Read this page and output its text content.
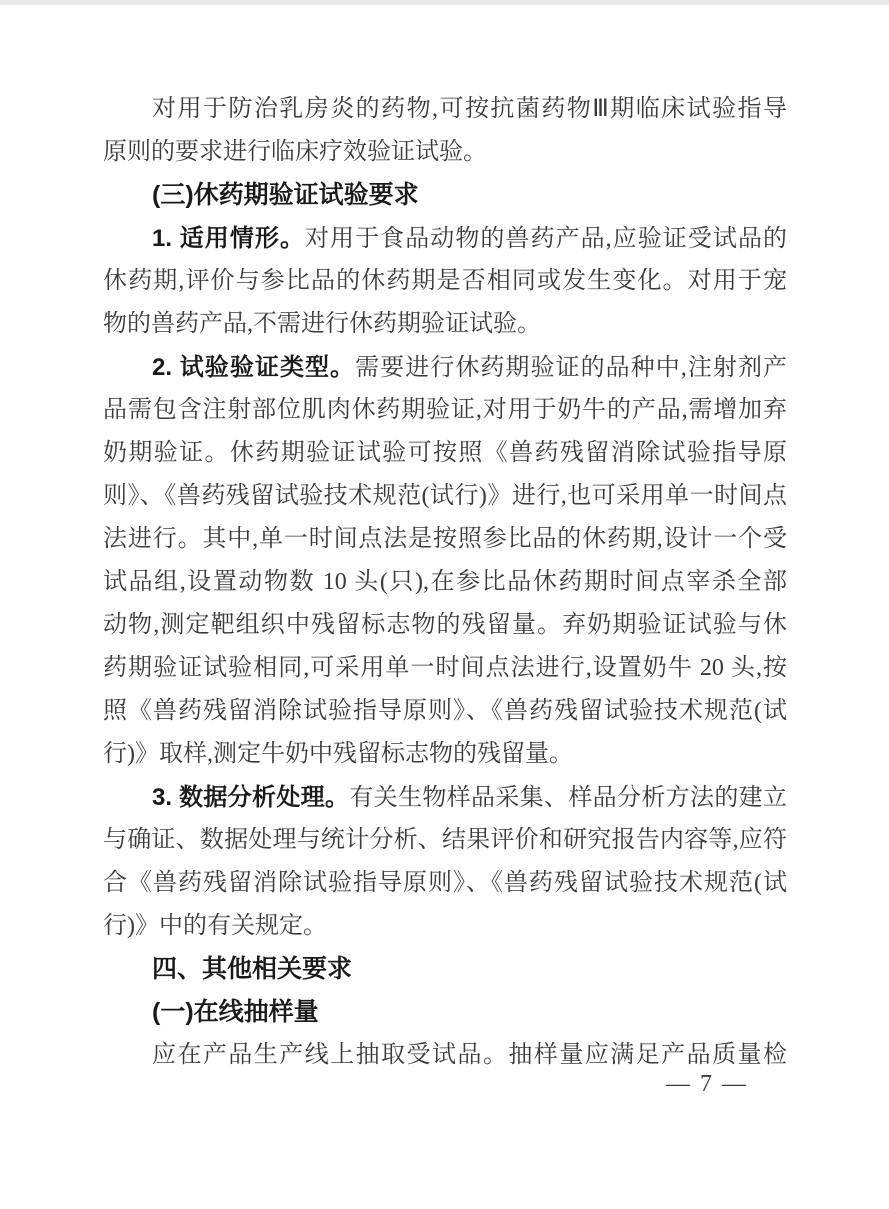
对用于防治乳房炎的药物,可按抗菌药物Ⅲ期临床试验指导
原则的要求进行临床疗效验证试验。
(三)休药期验证试验要求
1. 适用情形。对用于食品动物的兽药产品,应验证受试品的
休药期,评价与参比品的休药期是否相同或发生变化。对用于宠
物的兽药产品,不需进行休药期验证试验。
2. 试验验证类型。需要进行休药期验证的品种中,注射剂产
品需包含注射部位肌肉休药期验证,对用于奶牛的产品,需增加弃
奶期验证。休药期验证试验可按照《兽药残留消除试验指导原
则》、《兽药残留试验技术规范(试行)》进行,也可采用单一时间点
法进行。其中,单一时间点法是按照参比品的休药期,设计一个受
试品组,设置动物数 10 头(只),在参比品休药期时间点宰杀全部
动物,测定靶组织中残留标志物的残留量。弃奶期验证试验与休
药期验证试验相同,可采用单一时间点法进行,设置奶牛 20 头,按
照《兽药残留消除试验指导原则》、《兽药残留试验技术规范(试
行)》取样,测定牛奶中残留标志物的残留量。
3. 数据分析处理。有关生物样品采集、样品分析方法的建立
与确证、数据处理与统计分析、结果评价和研究报告内容等,应符
合《兽药残留消除试验指导原则》、《兽药残留试验技术规范(试
行)》中的有关规定。
四、其他相关要求
(一)在线抽样量
应在产品生产线上抽取受试品。抽样量应满足产品质量检
— 7 —
